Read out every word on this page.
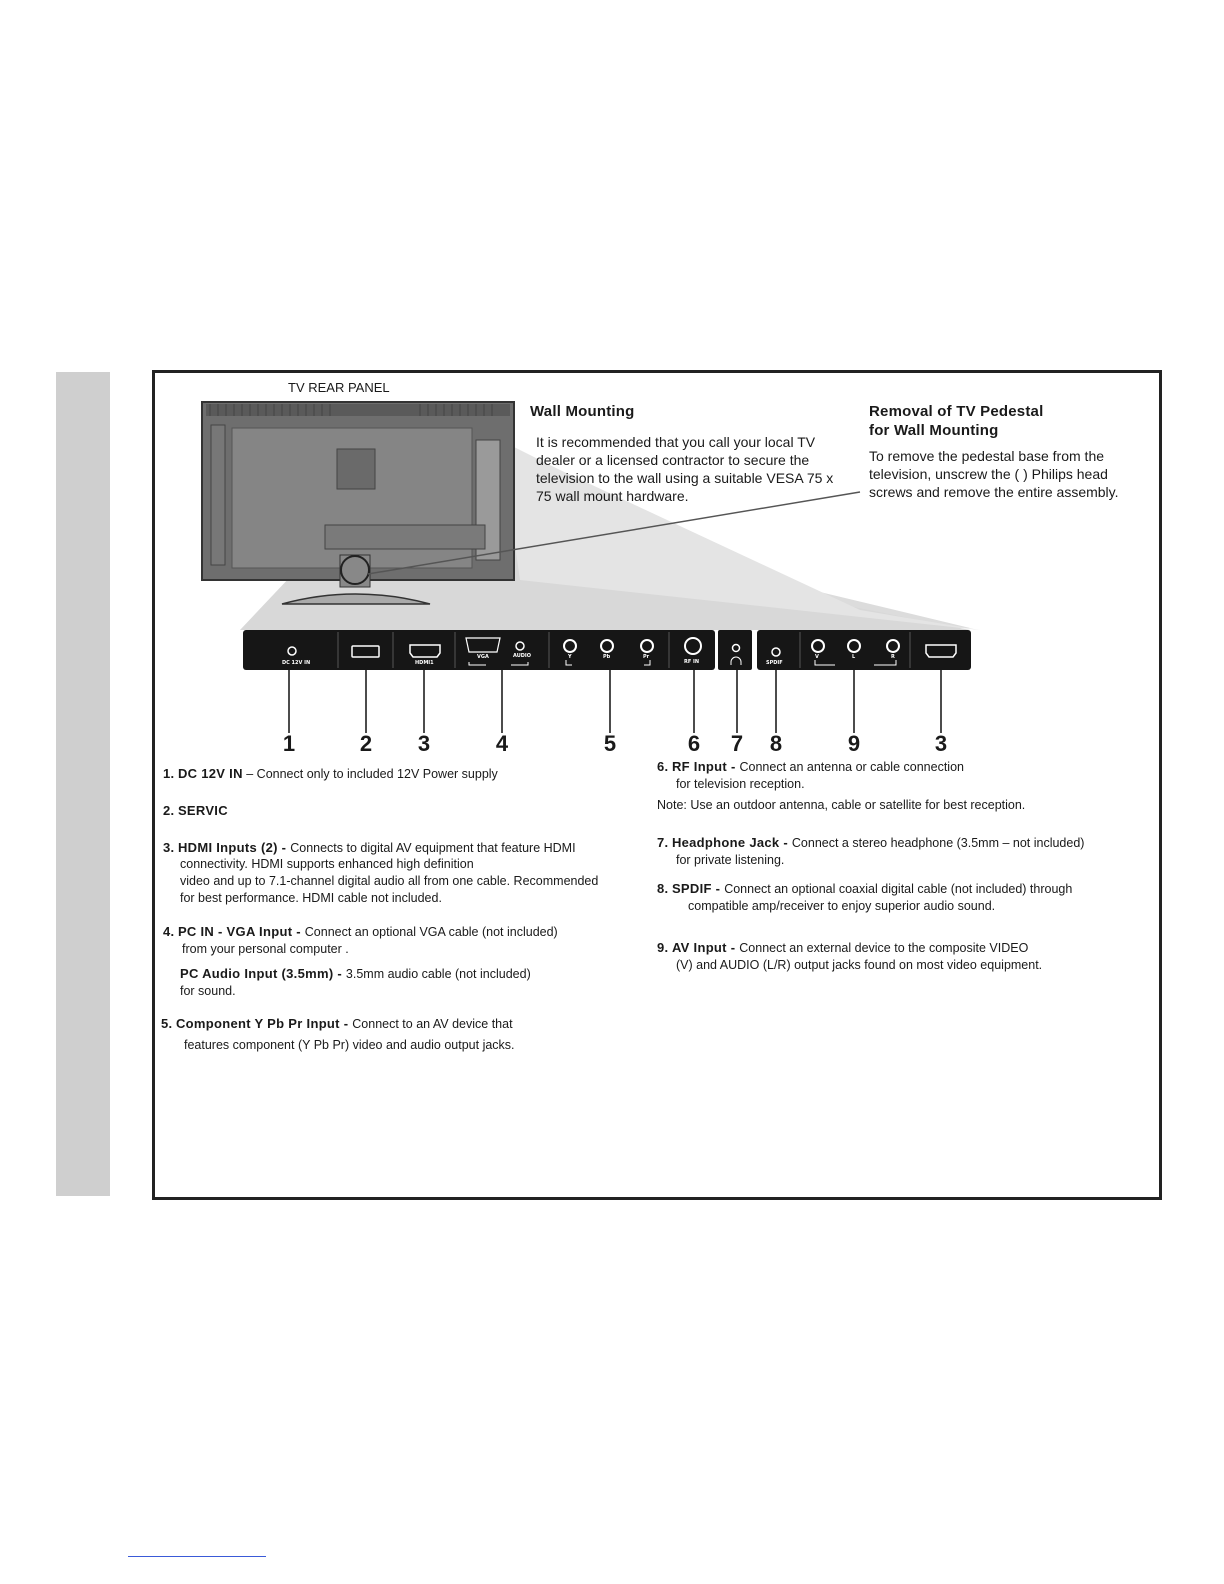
TV REAR PANEL
DC 12V IN	HDMI1
VGA	AUDIO	Y	Pb	Pr
RF IN	SPDIF
V	L	R
1	2	3	4	5	6	7	8	9	3
Wall Mounting
It is recommended that you call your local TV dealer or a licensed contractor to secure the television to the wall using a suitable VESA 75 x 75 wall mount hardware.
Removal of TV Pedestal
for Wall Mounting
To remove the pedestal base from the television, unscrew the ( ) Philips head screws and remove the entire assembly.
1. DC 12V IN – Connect only to included 12V Power supply
2. SERVIC
3. HDMI Inputs (2) - Connects to digital AV equipment that feature HDMI
connectivity. HDMI supports enhanced high definition
video and up to 7.1-channel digital audio all from one cable. Recommended
for best performance. HDMI cable not included.
4. PC IN - VGA Input - Connect an optional VGA cable (not included)
from your personal computer .
PC Audio Input (3.5mm) - 3.5mm audio cable (not included)
for sound.
5. Component Y Pb Pr Input - Connect to an AV device that
features component (Y Pb Pr) video and audio output jacks.
6. RF Input - Connect an antenna or cable connection
for television reception.
Note: Use an outdoor antenna, cable or satellite for best reception.
7. Headphone Jack - Connect a stereo headphone (3.5mm – not included)
for private listening.
8. SPDIF - Connect an optional coaxial digital cable (not included) through
compatible amp/receiver to enjoy superior audio sound.
9. AV Input - Connect an external device to the composite VIDEO
(V) and AUDIO (L/R) output jacks found on most video equipment.
